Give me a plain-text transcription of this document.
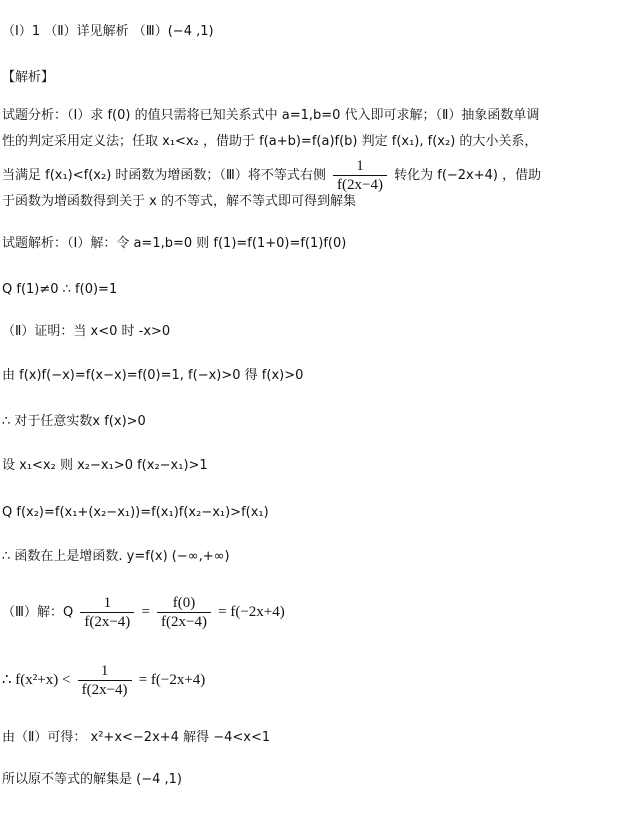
（Ⅰ）1 （Ⅱ）详见解析 （Ⅲ）(−4 ,1)
【解析】
试题分析：（Ⅰ）求 f(0) 的值只需将已知关系式中 a=1,b=0 代入即可求解；（Ⅱ）抽象函数单调
性的判定采用定义法；任取 x₁<x₂ ，借助于 f(a+b)=f(a)f(b) 判定 f(x₁), f(x₂) 的大小关系，
当满足 f(x₁)<f(x₂) 时函数为增函数；（Ⅲ）将不等式右侧 $\frac{1}{f(2x-4)}$ 转化为 f(−2x+4) ，借助
于函数为增函数得到关于 x 的不等式，解不等式即可得到解集
试题解析：（Ⅰ）解：令 a=1,b=0 则 f(1)=f(1+0)=f(1)f(0)
Q f(1)≠0 ∴ f(0)=1
（Ⅱ）证明：当 x<0 时 -x>0
由 f(x)f(−x)=f(x−x)=f(0)=1, f(−x)>0 得 f(x)>0
∴ 对于任意实数x f(x)>0
设 x₁<x₂ 则 x₂−x₁>0 f(x₂−x₁)>1
Q f(x₂)=f(x₁+(x₂−x₁))=f(x₁)f(x₂−x₁)>f(x₁)
∴ 函数在上是增函数. y=f(x) (−∞,+∞)
（Ⅲ）解：Q $\frac{1}{f(2x-4)} = \frac{f(0)}{f(2x-4)} = f(-2x+4)$
∴ $f(x^2+x) < \frac{1}{f(2x-4)} = f(-2x+4)$
由（Ⅱ）可得： x²+x<−2x+4 解得 −4<x<1
所以原不等式的解集是 (−4 ,1)
